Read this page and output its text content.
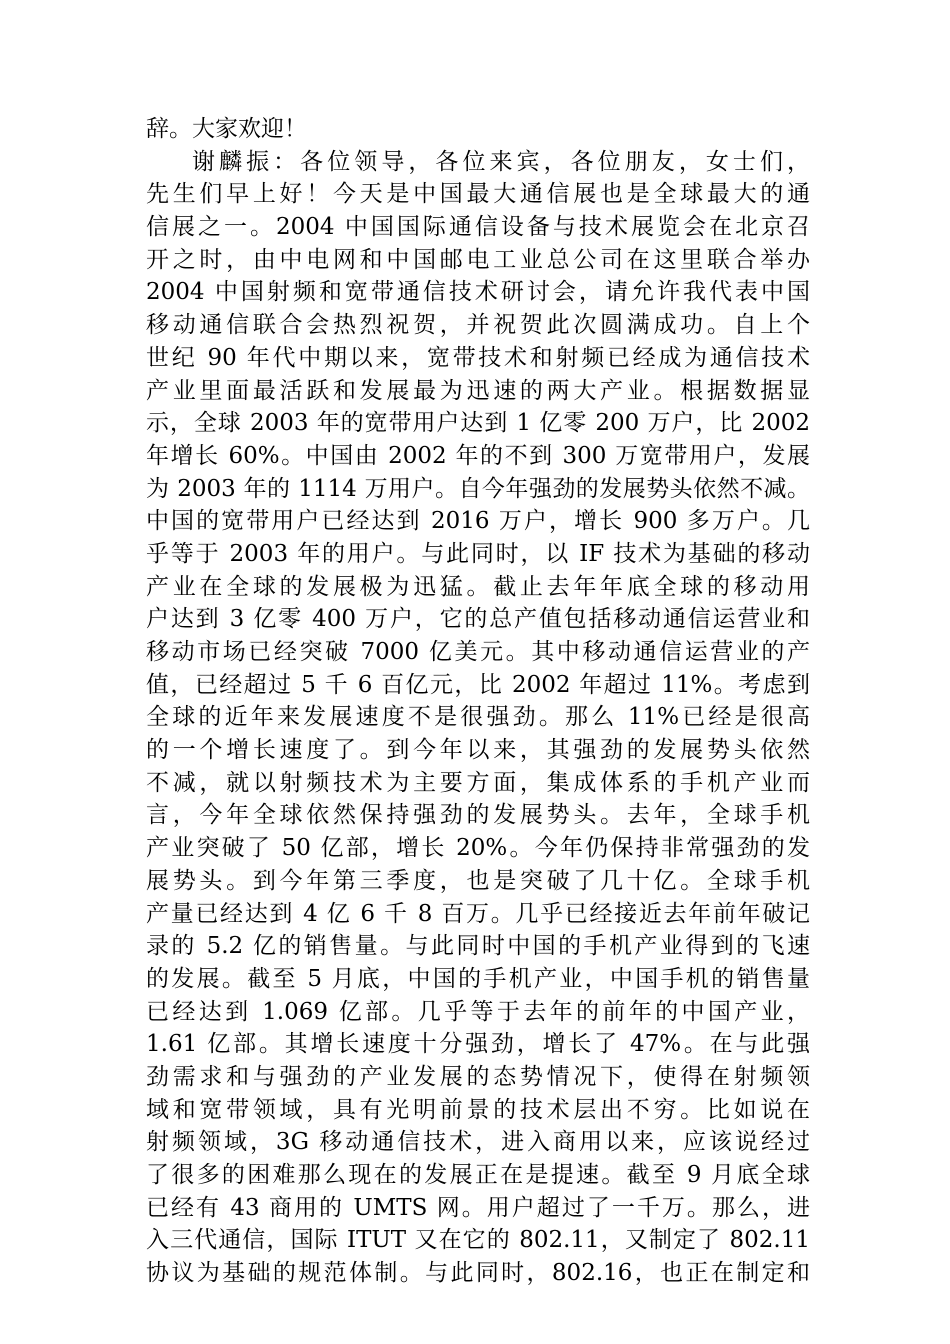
辞。大家欢迎！
谢麟振：各位领导，各位来宾，各位朋友，女士们，
先生们早上好！今天是中国最大通信展也是全球最大的通
信展之一。2004 中国国际通信设备与技术展览会在北京召
开之时，由中电网和中国邮电工业总公司在这里联合举办
2004 中国射频和宽带通信技术研讨会，请允许我代表中国
移动通信联合会热烈祝贺，并祝贺此次圆满成功。自上个
世纪 90 年代中期以来，宽带技术和射频已经成为通信技术
产业里面最活跃和发展最为迅速的两大产业。根据数据显
示，全球 2003 年的宽带用户达到 1 亿零 200 万户，比 2002
年增长 60%。中国由 2002 年的不到 300 万宽带用户，发展
为 2003 年的 1114 万用户。自今年强劲的发展势头依然不减。
中国的宽带用户已经达到 2016 万户，增长 900 多万户。几
乎等于 2003 年的用户。与此同时，以 IF 技术为基础的移动
产业在全球的发展极为迅猛。截止去年年底全球的移动用
户达到 3 亿零 400 万户，它的总产值包括移动通信运营业和
移动市场已经突破 7000 亿美元。其中移动通信运营业的产
值，已经超过 5 千 6 百亿元，比 2002 年超过 11%。考虑到
全球的近年来发展速度不是很强劲。那么 11%已经是很高
的一个增长速度了。到今年以来，其强劲的发展势头依然
不减，就以射频技术为主要方面，集成体系的手机产业而
言，今年全球依然保持强劲的发展势头。去年，全球手机
产业突破了 50 亿部，增长 20%。今年仍保持非常强劲的发
展势头。到今年第三季度，也是突破了几十亿。全球手机
产量已经达到 4 亿 6 千 8 百万。几乎已经接近去年前年破记
录的 5.2 亿的销售量。与此同时中国的手机产业得到的飞速
的发展。截至 5 月底，中国的手机产业，中国手机的销售量
已经达到 1.069 亿部。几乎等于去年的前年的中国产业，
1.61 亿部。其增长速度十分强劲，增长了 47%。在与此强
劲需求和与强劲的产业发展的态势情况下，使得在射频领
域和宽带领域，具有光明前景的技术层出不穷。比如说在
射频领域，3G 移动通信技术，进入商用以来，应该说经过
了很多的困难那么现在的发展正在是提速。截至 9 月底全球
已经有 43 商用的 UMTS 网。用户超过了一千万。那么，进
入三代通信，国际 ITUT 又在它的 802.11，又制定了 802.11
协议为基础的规范体制。与此同时，802.16，也正在制定和
